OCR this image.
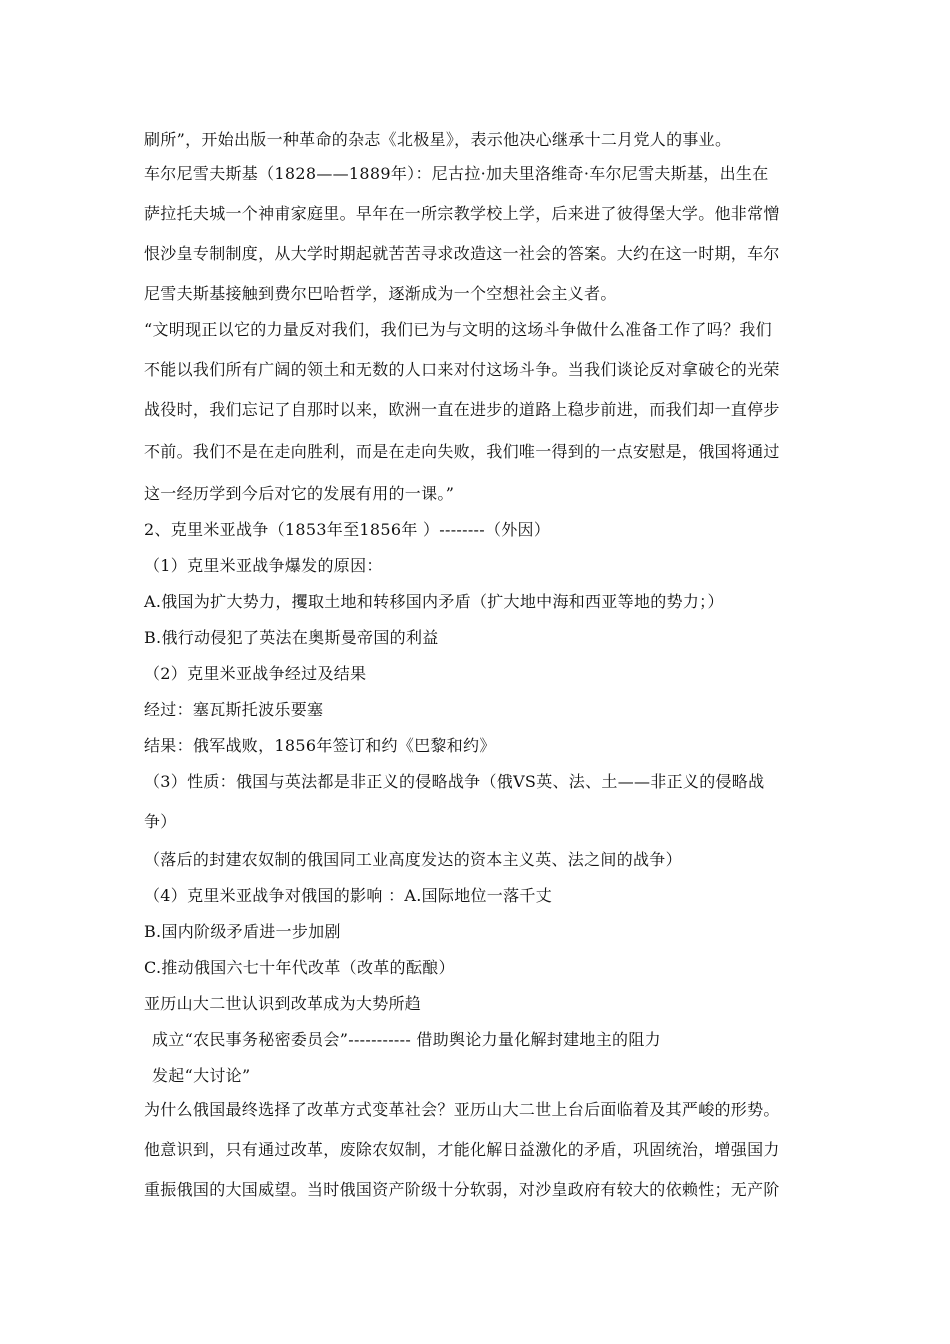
刷所”，开始出版一种革命的杂志《北极星》，表示他决心继承十二月党人的事业。
车尔尼雪夫斯基（1828——1889年）：尼古拉·加夫里洛维奇·车尔尼雪夫斯基，出生在
萨拉托夫城一个神甫家庭里。早年在一所宗教学校上学，后来进了彼得堡大学。他非常憎
恨沙皇专制制度，从大学时期起就苦苦寻求改造这一社会的答案。大约在这一时期，车尔
尼雪夫斯基接触到费尔巴哈哲学，逐渐成为一个空想社会主义者。
“文明现正以它的力量反对我们，我们已为与文明的这场斗争做什么准备工作了吗？我们
不能以我们所有广阔的领土和无数的人口来对付这场斗争。当我们谈论反对拿破仑的光荣
战役时，我们忘记了自那时以来，欧洲一直在进步的道路上稳步前进，而我们却一直停步
不前。我们不是在走向胜利，而是在走向失败，我们唯一得到的一点安慰是，俄国将通过
这一经历学到今后对它的发展有用的一课。”
2、克里米亚战争（1853年至1856年 ）--------（外因）
（1）克里米亚战争爆发的原因：
A.俄国为扩大势力，攫取土地和转移国内矛盾（扩大地中海和西亚等地的势力；）
B.俄行动侵犯了英法在奥斯曼帝国的利益
（2）克里米亚战争经过及结果
经过：塞瓦斯托波乐要塞
结果：俄军战败，1856年签订和约《巴黎和约》
（3）性质：俄国与英法都是非正义的侵略战争（俄VS英、法、土——非正义的侵略战
争）
（落后的封建农奴制的俄国同工业高度发达的资本主义英、法之间的战争）
（4）克里米亚战争对俄国的影响 ：A.国际地位一落千丈
B.国内阶级矛盾进一步加剧
C.推动俄国六七十年代改革（改革的酝酿）
亚历山大二世认识到改革成为大势所趋
成立“农民事务秘密委员会”----------- 借助舆论力量化解封建地主的阻力
发起“大讨论”
为什么俄国最终选择了改革方式变革社会？亚历山大二世上台后面临着及其严峻的形势。
他意识到，只有通过改革，废除农奴制，才能化解日益激化的矛盾，巩固统治，增强国力
重振俄国的大国威望。当时俄国资产阶级十分软弱，对沙皇政府有较大的依赖性；无产阶
